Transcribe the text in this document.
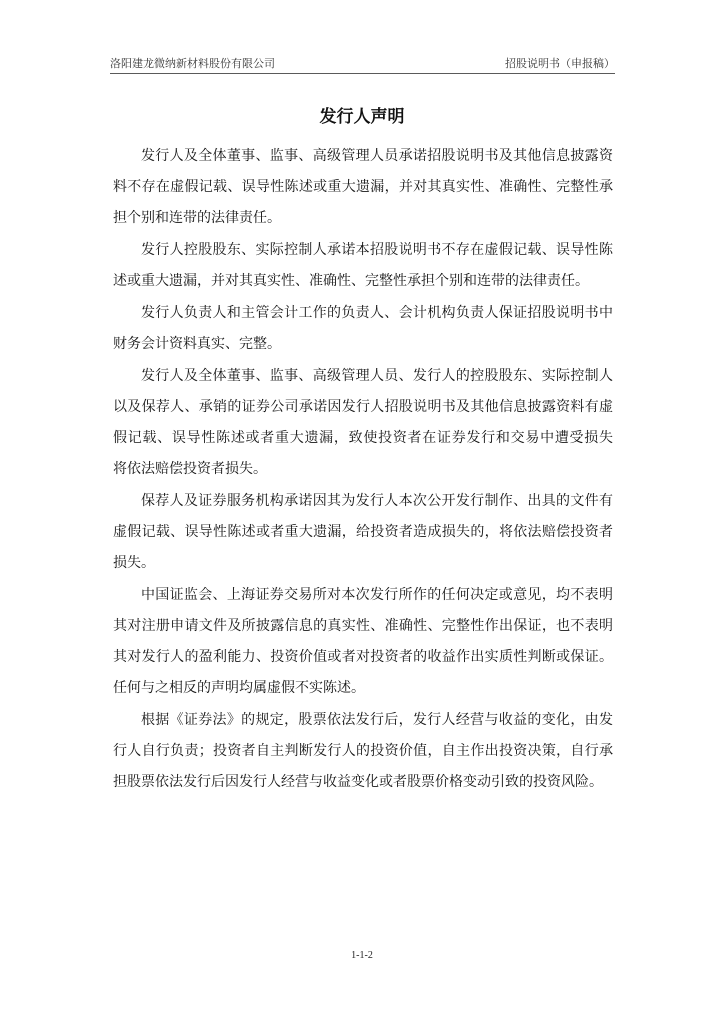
洛阳建龙微纳新材料股份有限公司	招股说明书（申报稿）
发行人声明
发行人及全体董事、监事、高级管理人员承诺招股说明书及其他信息披露资
料不存在虚假记载、误导性陈述或重大遗漏，并对其真实性、准确性、完整性承
担个别和连带的法律责任。
发行人控股股东、实际控制人承诺本招股说明书不存在虚假记载、误导性陈
述或重大遗漏，并对其真实性、准确性、完整性承担个别和连带的法律责任。
发行人负责人和主管会计工作的负责人、会计机构负责人保证招股说明书中
财务会计资料真实、完整。
发行人及全体董事、监事、高级管理人员、发行人的控股股东、实际控制人
以及保荐人、承销的证券公司承诺因发行人招股说明书及其他信息披露资料有虚
假记载、误导性陈述或者重大遗漏，致使投资者在证券发行和交易中遭受损失
将依法赔偿投资者损失。
保荐人及证券服务机构承诺因其为发行人本次公开发行制作、出具的文件有
虚假记载、误导性陈述或者重大遗漏，给投资者造成损失的，将依法赔偿投资者
损失。
中国证监会、上海证券交易所对本次发行所作的任何决定或意见，均不表明
其对注册申请文件及所披露信息的真实性、准确性、完整性作出保证，也不表明
其对发行人的盈利能力、投资价值或者对投资者的收益作出实质性判断或保证。
任何与之相反的声明均属虚假不实陈述。
根据《证券法》的规定，股票依法发行后，发行人经营与收益的变化，由发
行人自行负责；投资者自主判断发行人的投资价值，自主作出投资决策，自行承
担股票依法发行后因发行人经营与收益变化或者股票价格变动引致的投资风险。
1-1-2
